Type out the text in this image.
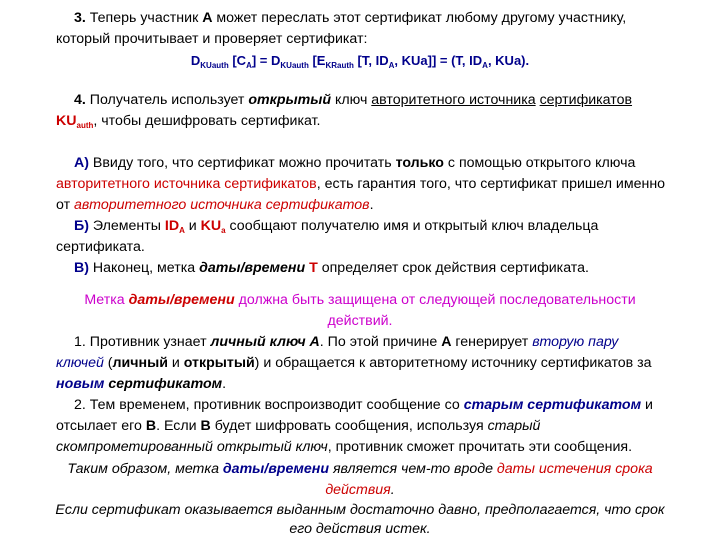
3. Теперь участник A может переслать этот сертификат любому другому участнику,
который прочитывает и проверяет сертификат:
$D_{KUauth}$ $[C_A] = D_{KUauth}$ [$E_{KRauth}$ [T, $ID_A$, KUa]] = (T, $ID_A$, KUa).
4. Получатель использует открытый ключ авторитетного источника сертификатов
$KU_{auth}$, чтобы дешифровать сертификат.
А) Ввиду того, что сертификат можно прочитать только с помощью открытого ключа
авторитетного источника сертификатов, есть гарантия того, что сертификат пришел именно
от авторитетного источника сертификатов.
Б) Элементы $ID_A$ и $KU_a$ сообщают получателю имя и открытый ключ владельца
сертификата.
В) Наконец, метка даты/времени T определяет срок действия сертификата.
Метка даты/времени должна быть защищена от следующей последовательности
действий.
1. Противник узнает личный ключ А. По этой причине А генерирует вторую пару
ключей (личный и открытый) и обращается к авторитетному источнику сертификатов за
новым сертификатом.
2. Тем временем, противник воспроизводит сообщение со старым сертификатом и
отсылает его В. Если В будет шифровать сообщения, используя старый
скомпрометированный открытый ключ, противник сможет прочитать эти сообщения.
Таким образом, метка даты/времени является чем-то вроде даты истечения срока
действия.
Если сертификат оказывается выданным достаточно давно, предполагается, что срок
его действия истек.
